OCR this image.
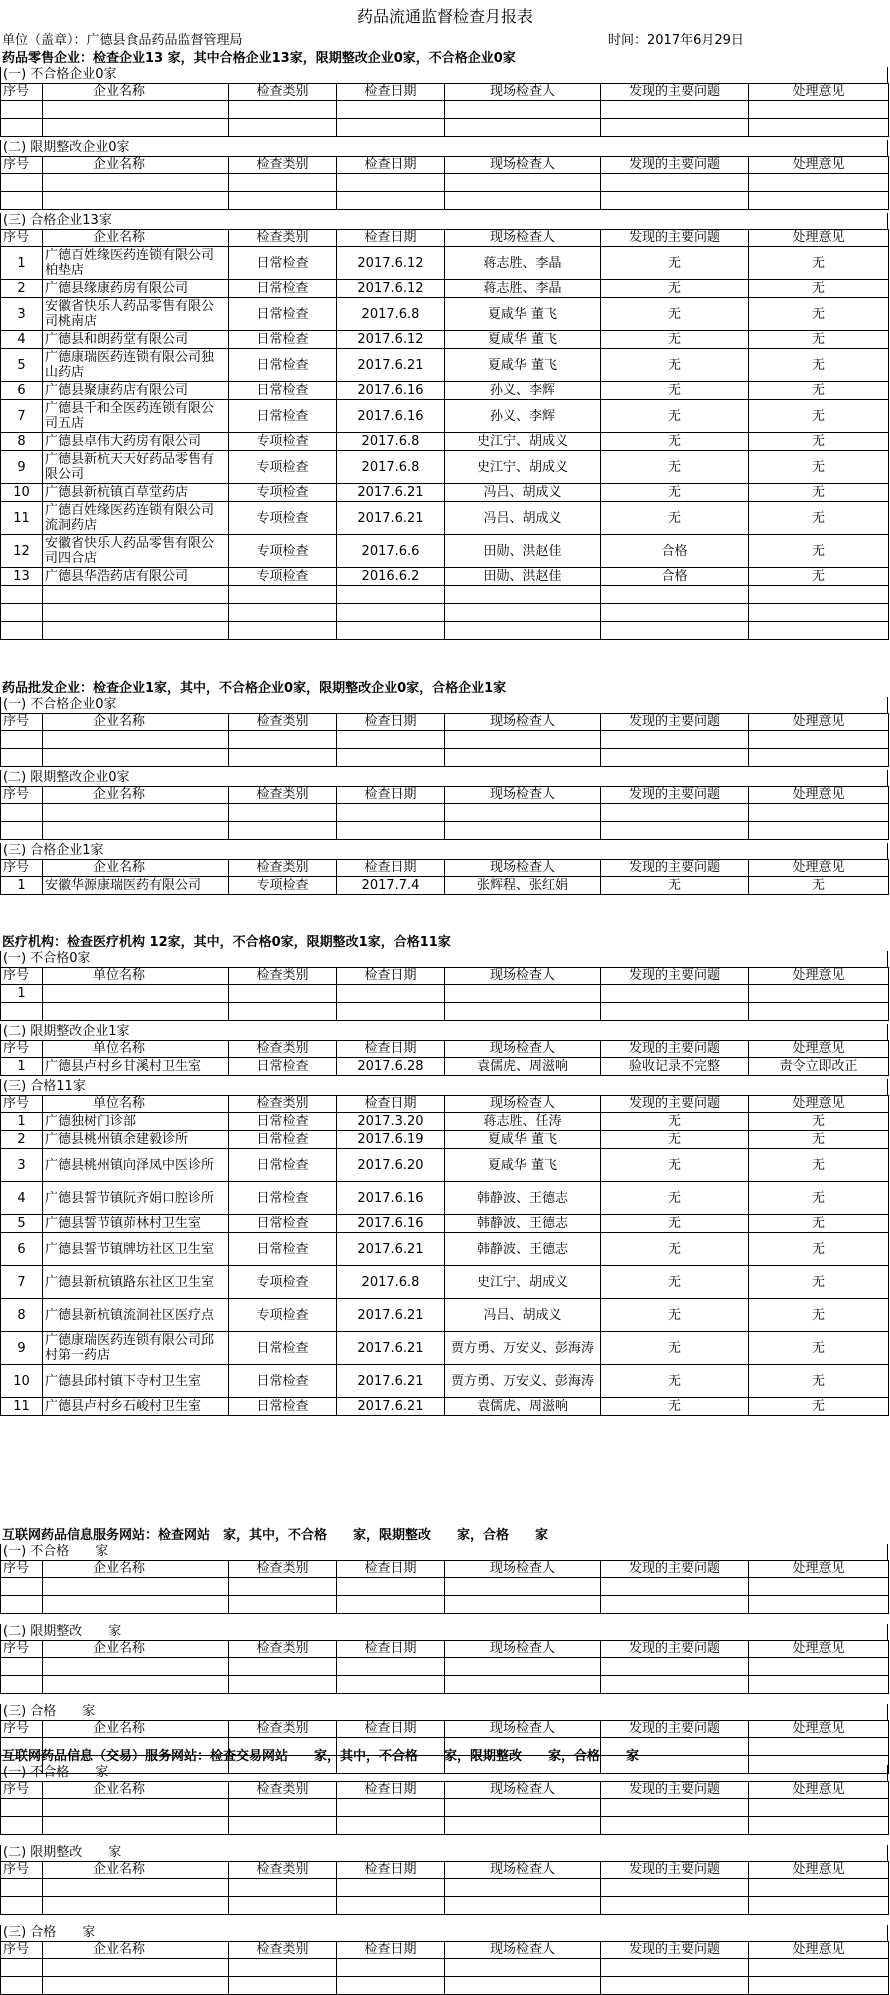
药品流通监督检查月报表
单位（盖章）：广德县食品药品监督管理局	时间：2017年6月29日
药品零售企业：检查企业13 家，其中合格企业13家，限期整改企业0家，不合格企业0家
(一) 不合格企业0家
序号	企业名称	检查类别	检查日期	现场检查人	发现的主要问题	处理意见

(二) 限期整改企业0家
序号	企业名称	检查类别	检查日期	现场检查人	发现的主要问题	处理意见

(三) 合格企业13家
序号	企业名称	检查类别	检查日期	现场检查人	发现的主要问题	处理意见
1	广德百姓缘医药连锁有限公司柏垫店	日常检查	2017.6.12	蒋志胜、李晶	无	无
2	广德县缘康药房有限公司	日常检查	2017.6.12	蒋志胜、李晶	无	无
3	安徽省快乐人药品零售有限公司桃南店	日常检查	2017.6.8	夏咸华 董飞	无	无
4	广德县和朗药堂有限公司	日常检查	2017.6.12	夏咸华 董飞	无	无
5	广德康瑞医药连锁有限公司独山药店	日常检查	2017.6.21	夏咸华 董飞	无	无
6	广德县聚康药店有限公司	日常检查	2017.6.16	孙义、李辉	无	无
7	广德县千和全医药连锁有限公司五店	日常检查	2017.6.16	孙义、李辉	无	无
8	广德县卓伟大药房有限公司	专项检查	2017.6.8	史江宁、胡成义	无	无
9	广德县新杭天天好药品零售有限公司	专项检查	2017.6.8	史江宁、胡成义	无	无
10	广德县新杭镇百草堂药店	专项检查	2017.6.21	冯吕、胡成义	无	无
11	广德百姓缘医药连锁有限公司流洞药店	专项检查	2017.6.21	冯吕、胡成义	无	无
12	安徽省快乐人药品零售有限公司四合店	专项检查	2017.6.6	田勋、洪赵佳	合格	无
13	广德县华浩药店有限公司	专项检查	2016.6.2	田勋、洪赵佳	合格	无

药品批发企业：检查企业1家，其中，不合格企业0家，限期整改企业0家，合格企业1家
(一) 不合格企业0家
序号	企业名称	检查类别	检查日期	现场检查人	发现的主要问题	处理意见

(二) 限期整改企业0家
序号	企业名称	检查类别	检查日期	现场检查人	发现的主要问题	处理意见

(三) 合格企业1家
序号	企业名称	检查类别	检查日期	现场检查人	发现的主要问题	处理意见
1	安徽华源康瑞医药有限公司	专项检查	2017.7.4	张辉程、张红娟	无	无
医疗机构：检查医疗机构 12家，其中，不合格0家，限期整改1家，合格11家
(一) 不合格0家
序号	单位名称	检查类别	检查日期	现场检查人	发现的主要问题	处理意见
1						

(二) 限期整改企业1家
序号	单位名称	检查类别	检查日期	现场检查人	发现的主要问题	处理意见
1	广德县卢村乡甘溪村卫生室	日常检查	2017.6.28	袁儒虎、周滋响	验收记录不完整	责令立即改正
(三) 合格11家
序号	单位名称	检查类别	检查日期	现场检查人	发现的主要问题	处理意见
1	广德独树门诊部	日常检查	2017.3.20	蒋志胜、任涛	无	无
2	广德县桃州镇余建毅诊所	日常检查	2017.6.19	夏咸华 董飞	无	无
3	广德县桃州镇向泽凤中医诊所	日常检查	2017.6.20	夏咸华 董飞	无	无
4	广德县誓节镇阮齐娟口腔诊所	日常检查	2017.6.16	韩静波、王德志	无	无
5	广德县誓节镇茆林村卫生室	日常检查	2017.6.16	韩静波、王德志	无	无
6	广德县誓节镇牌坊社区卫生室	日常检查	2017.6.21	韩静波、王德志	无	无
7	广德县新杭镇路东社区卫生室	专项检查	2017.6.8	史江宁、胡成义	无	无
8	广德县新杭镇流洞社区医疗点	专项检查	2017.6.21	冯吕、胡成义	无	无
9	广德康瑞医药连锁有限公司邱村第一药店	日常检查	2017.6.21	贾方勇、万安义、彭海涛	无	无
10	广德县邱村镇下寺村卫生室	日常检查	2017.6.21	贾方勇、万安义、彭海涛	无	无
11	广德县卢村乡石峻村卫生室	日常检查	2017.6.21	袁儒虎、周滋响	无	无
互联网药品信息服务网站：检查网站　家，其中，不合格　　家，限期整改　　家，合格　　家
(一) 不合格　　家
序号	企业名称	检查类别	检查日期	现场检查人	发现的主要问题	处理意见

(二) 限期整改　　家
序号	企业名称	检查类别	检查日期	现场检查人	发现的主要问题	处理意见

(三) 合格　　家
序号	企业名称	检查类别	检查日期	现场检查人	发现的主要问题	处理意见

互联网药品信息（交易）服务网站：检查交易网站　　家，其中，不合格　　家，限期整改　　家，合格　　家
(一) 不合格　　家
序号	企业名称	检查类别	检查日期	现场检查人	发现的主要问题	处理意见

(二) 限期整改　　家
序号	企业名称	检查类别	检查日期	现场检查人	发现的主要问题	处理意见

(三) 合格　　家
序号	企业名称	检查类别	检查日期	现场检查人	发现的主要问题	处理意见
